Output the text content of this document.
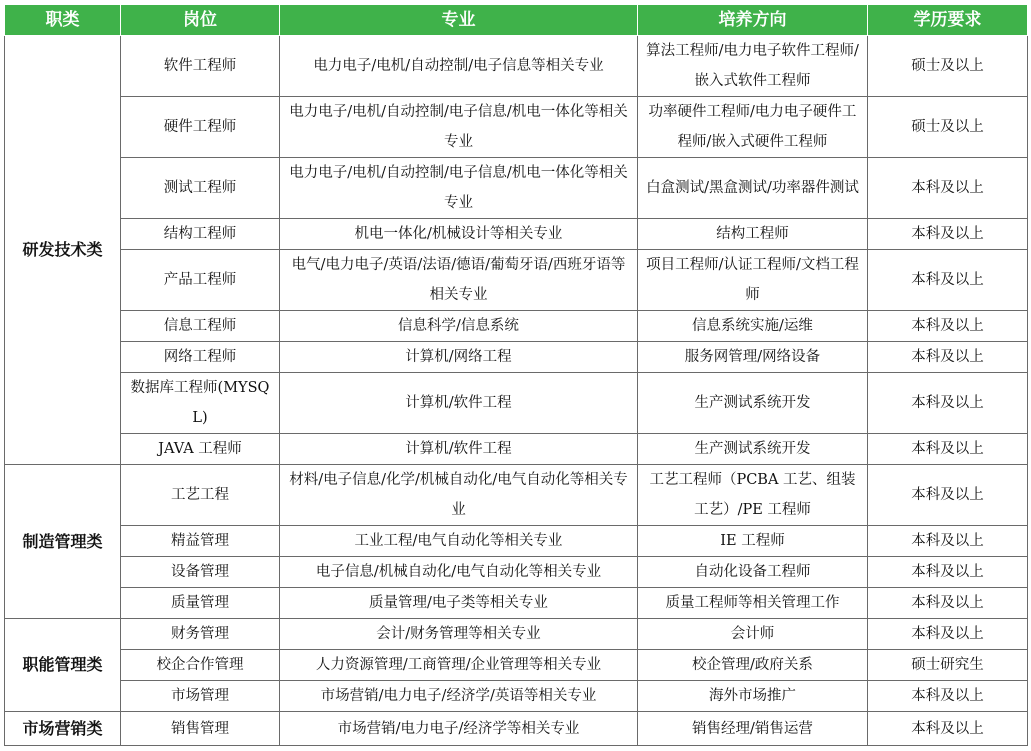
职类	岗位	专业	培养方向	学历要求
研发技术类	软件工程师	电力电子/电机/自动控制/电子信息等相关专业	算法工程师/电力电子软件工程师/嵌入式软件工程师	硕士及以上
	硬件工程师	电力电子/电机/自动控制/电子信息/机电一体化等相关专业	功率硬件工程师/电力电子硬件工程师/嵌入式硬件工程师	硕士及以上
	测试工程师	电力电子/电机/自动控制/电子信息/机电一体化等相关专业	白盒测试/黑盒测试/功率器件测试	本科及以上
	结构工程师	机电一体化/机械设计等相关专业	结构工程师	本科及以上
	产品工程师	电气/电力电子/英语/法语/德语/葡萄牙语/西班牙语等相关专业	项目工程师/认证工程师/文档工程师	本科及以上
	信息工程师	信息科学/信息系统	信息系统实施/运维	本科及以上
	网络工程师	计算机/网络工程	服务网管理/网络设备	本科及以上
	数据库工程师(MYSQL)	计算机/软件工程	生产测试系统开发	本科及以上
	JAVA 工程师	计算机/软件工程	生产测试系统开发	本科及以上
制造管理类	工艺工程	材料/电子信息/化学/机械自动化/电气自动化等相关专业	工艺工程师（PCBA 工艺、组装工艺）/PE 工程师	本科及以上
	精益管理	工业工程/电气自动化等相关专业	IE 工程师	本科及以上
	设备管理	电子信息/机械自动化/电气自动化等相关专业	自动化设备工程师	本科及以上
	质量管理	质量管理/电子类等相关专业	质量工程师等相关管理工作	本科及以上
职能管理类	财务管理	会计/财务管理等相关专业	会计师	本科及以上
	校企合作管理	人力资源管理/工商管理/企业管理等相关专业	校企管理/政府关系	硕士研究生
	市场管理	市场营销/电力电子/经济学/英语等相关专业	海外市场推广	本科及以上
市场营销类	销售管理	市场营销/电力电子/经济学等相关专业	销售经理/销售运营	本科及以上
